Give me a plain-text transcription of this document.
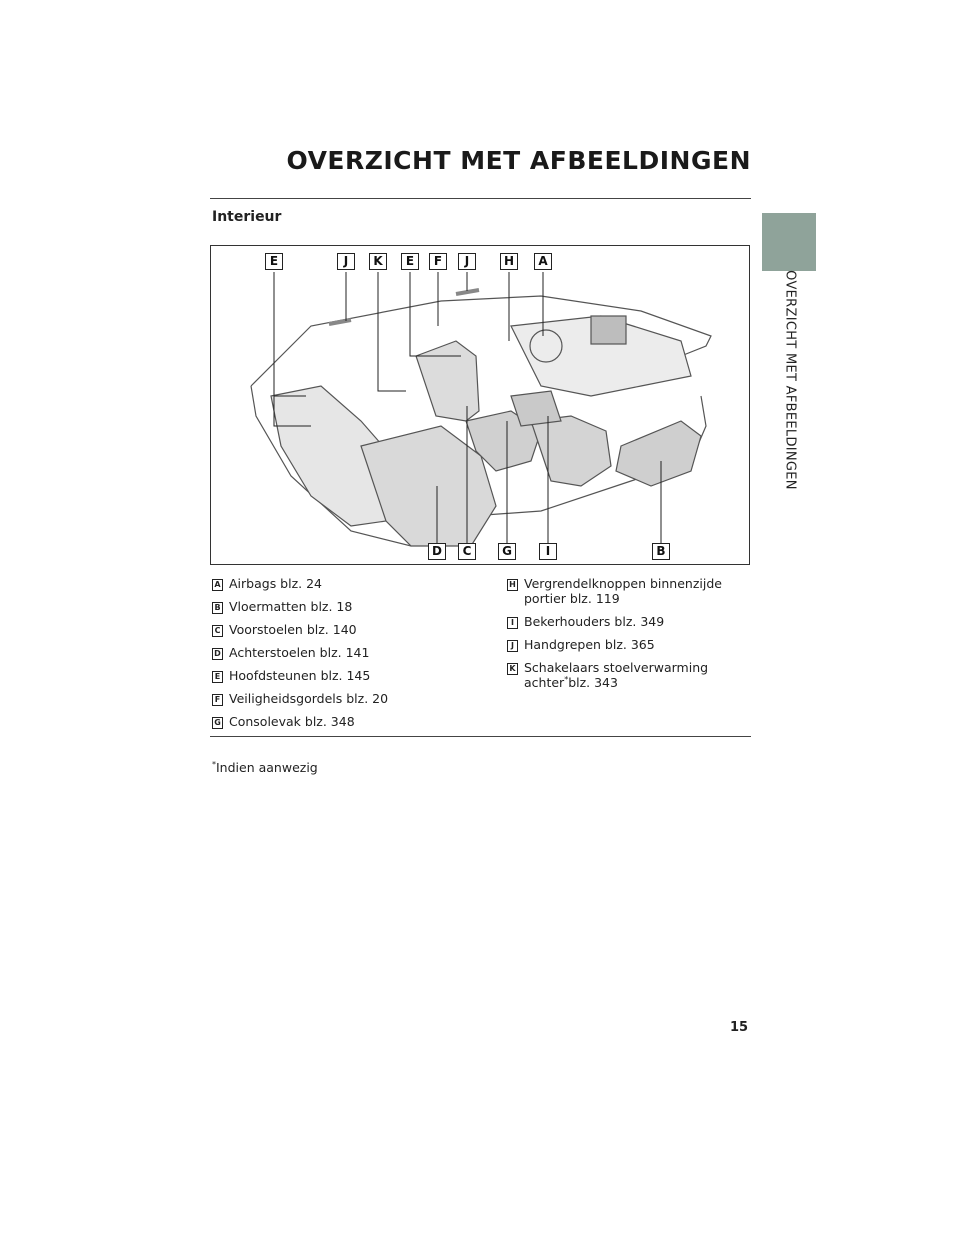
OVERZICHT MET AFBEELDINGEN
OVERZICHT MET AFBEELDINGEN
Interieur
E	J	K	E	F	J	H	A
D	C	G	I	B
A Airbags blz. 24
B Vloermatten blz. 18
C Voorstoelen blz. 140
D Achterstoelen blz. 141
E Hoofdsteunen blz. 145
F Veiligheidsgordels blz. 20
G Consolevak blz. 348
H Vergrendelknoppen binnenzijde
portier blz. 119
I Bekerhouders blz. 349
J Handgrepen blz. 365
K Schakelaars stoelverwarming
achter*blz. 343
*Indien aanwezig
15
